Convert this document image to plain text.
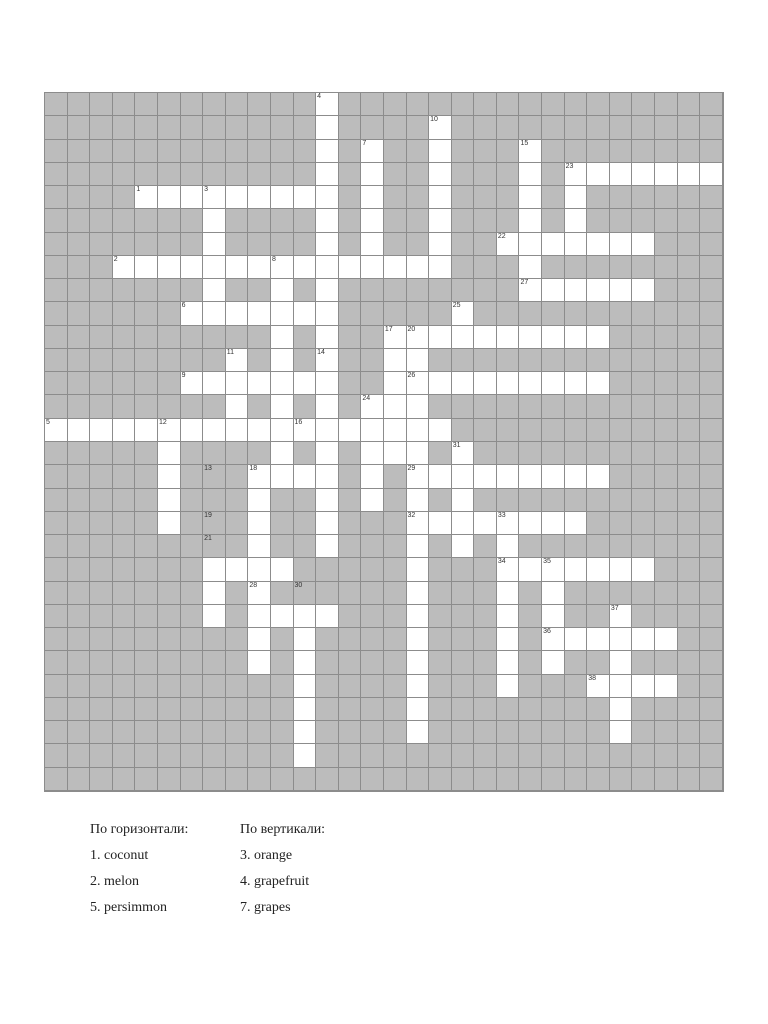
4
10
7	15
23
1	3
22
2	8
27
6	25
17 20
11	14
9	26
24
5	12	16
31
13	18	29
19	32	33
21
34	35
28	30
37
36
38
По горизонтали:
1. coconut
2. melon
5. persimmon
По вертикали:
3. orange
4. grapefruit
7. grapes
